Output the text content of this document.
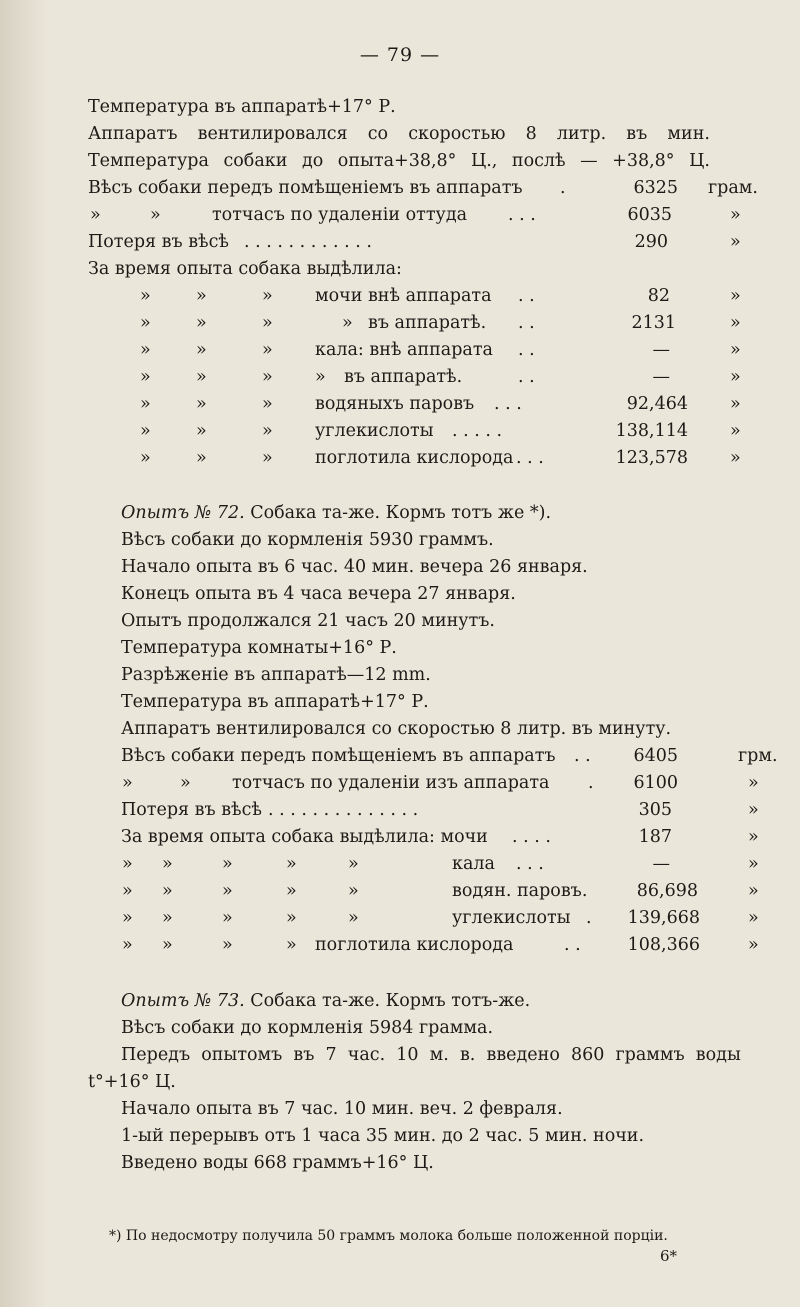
— 79 —
Температура въ аппаратѣ+17° Р.
Аппаратъ вентилировался со скоростью 8 литр. въ мин.
Температура собаки до опыта+38,8° Ц., послѣ — +38,8° Ц.
Вѣсъ собаки передъ помѣщеніемъ въ аппаратъ .	6325 грам.
»	»	тотчасъ по удаленіи оттуда . . .	6035	»
Потеря въ вѣсѣ . . . . . . . . . . . .	290	»
За время опыта собака выдѣлила:
»	»	» мочи внѣ аппарата . .	82	»
»	»	»	» въ аппаратѣ. . .	2131	»
»	»	» кала: внѣ аппарата . .	—	»
»	»	» » въ аппаратѣ.	. .	—	»
»	»	» водяныхъ паровъ . . .	92,464 »
»	»	» углекислоты . . . . .	138,114 »
»	»	» поглотила кислорода . . .	123,578 »
Опытъ № 72. Собака та-же. Кормъ тотъ же *).
Вѣсъ собаки до кормленія 5930 граммъ.
Начало опыта въ 6 час. 40 мин. вечера 26 января.
Конецъ опыта въ 4 часа вечера 27 января.
Опытъ продолжался 21 часъ 20 минутъ.
Температура комнаты+16° Р.
Разрѣженіе въ аппаратѣ—12 mm.
Температура въ аппаратѣ+17° Р.
Аппаратъ вентилировался со скоростью 8 литр. въ минуту.
Вѣсъ собаки передъ помѣщеніемъ въ аппаратъ . .	6405	грм.
»	» тотчасъ по удаленіи изъ аппарата .	6100	»
Потеря въ вѣсѣ . . . . . . . . . . . . . .	305	»
За время опыта собака выдѣлила: мочи . . . .	187	»
» »	»	»	»	кала . . .	—	»
» »	»	»	»	водян. паровъ.	86,698	»
» »	»	»	»	углекислоты .	139,668	»
» »	»	» поглотила кислорода	. .	108,366	»
Опытъ № 73. Собака та-же. Кормъ тотъ-же.
Вѣсъ собаки до кормленія 5984 грамма.
Передъ опытомъ въ 7 час. 10 м. в. введено 860 граммъ воды
t°+16° Ц.
Начало опыта въ 7 час. 10 мин. веч. 2 февраля.
1-ый перерывъ отъ 1 часа 35 мин. до 2 час. 5 мин. ночи.
Введено воды 668 граммъ+16° Ц.
*) По недосмотру получила 50 граммъ молока больше положенной порціи.
6*
